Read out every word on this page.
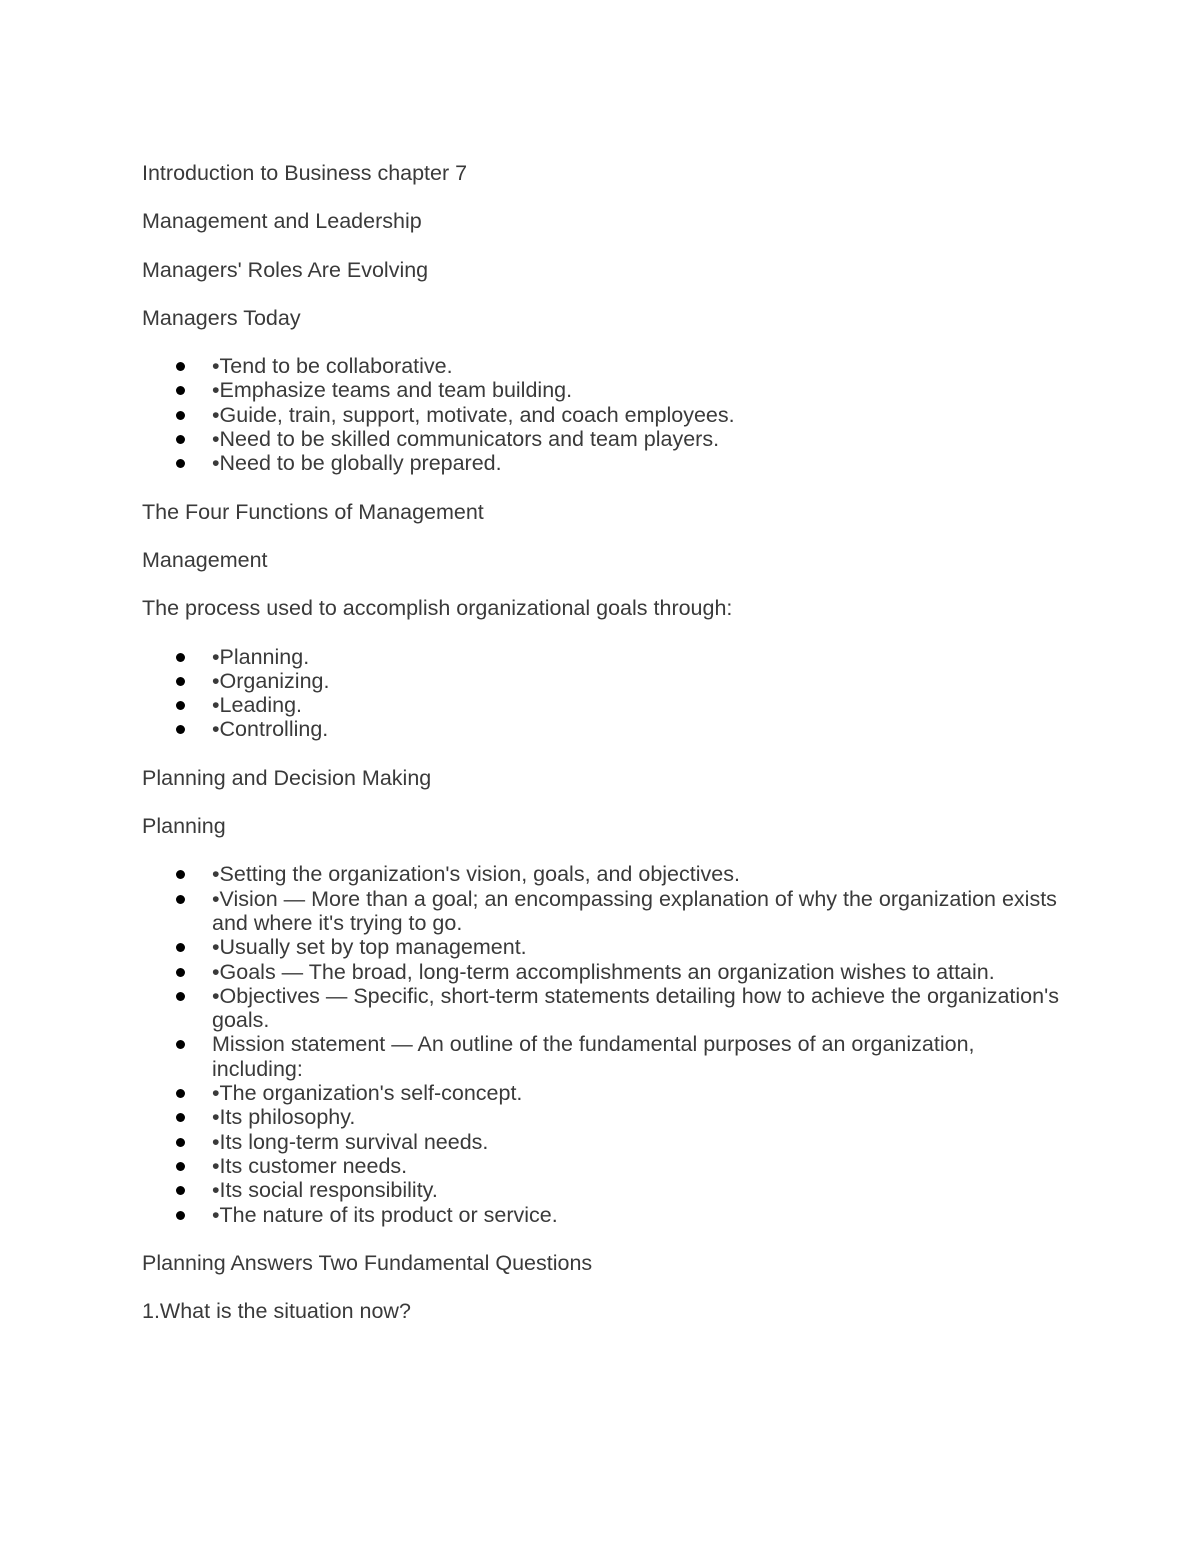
Introduction to Business chapter 7

Management and Leadership

Managers' Roles Are Evolving

Managers Today

•Tend to be collaborative.
•Emphasize teams and team building.
•Guide, train, support, motivate, and coach employees.
•Need to be skilled communicators and team players.
•Need to be globally prepared.

The Four Functions of Management

Management

The process used to accomplish organizational goals through:

•Planning.
•Organizing.
•Leading.
•Controlling.

Planning and Decision Making

Planning

•Setting the organization's vision, goals, and objectives.
•Vision — More than a goal; an encompassing explanation of why the organization exists and where it's trying to go.
•Usually set by top management.
•Goals — The broad, long-term accomplishments an organization wishes to attain.
•Objectives — Specific, short-term statements detailing how to achieve the organization's goals.
Mission statement — An outline of the fundamental purposes of an organization, including:
•The organization's self-concept.
•Its philosophy.
•Its long-term survival needs.
•Its customer needs.
•Its social responsibility.
•The nature of its product or service.

Planning Answers Two Fundamental Questions

1.What is the situation now?
